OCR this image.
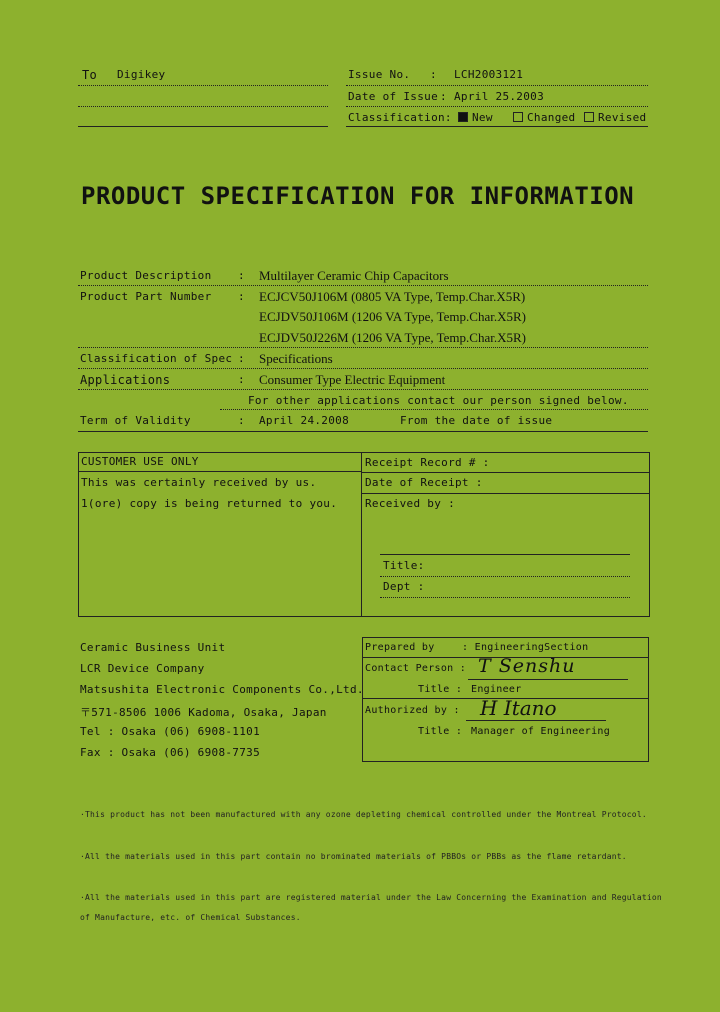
To Digikey	Issue No. : LCH2003121
Date of Issue : April 25.2003
Classification:	New	Changed	Revised
PRODUCT SPECIFICATION FOR INFORMATION
Product Description : Multilayer Ceramic Chip Capacitors
Product Part Number : ECJCV50J106M (0805 VA Type, Temp.Char.X5R)
ECJDV50J106M (1206 VA Type, Temp.Char.X5R)
ECJDV50J226M (1206 VA Type, Temp.Char.X5R)
Classification of Spec : Specifications
Applications	: Consumer Type Electric Equipment
For other applications contact our person signed below.
Term of Validity	: April 24.2008	From the date of issue
CUSTOMER USE ONLY
This was certainly received by us.
1(ore) copy is being returned to you.
Receipt Record # :
Date of Receipt :
Received by :
Title:
Dept :
Ceramic Business Unit
LCR Device Company
Matsushita Electronic Components Co.,Ltd.
〒571-8506 1006 Kadoma, Osaka, Japan
Tel : Osaka (06) 6908-1101
Fax : Osaka (06) 6908-7735
Prepared by	: EngineeringSection
Contact Person : T Senshu
Title : Engineer
Authorized by : H Itano
Title : Manager of Engineering
·This product has not been manufactured with any ozone depleting chemical controlled under the Montreal Protocol.
·All the materials used in this part contain no brominated materials of PBBOs or PBBs as the flame retardant.
·All the materials used in this part are registered material under the Law Concerning the Examination and Regulation
of Manufacture, etc. of Chemical Substances.
